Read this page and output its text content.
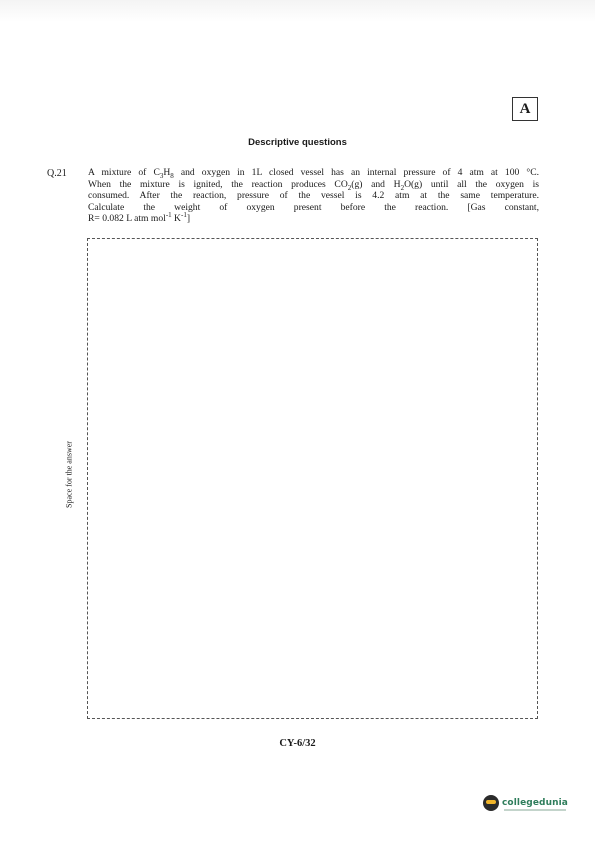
A
Descriptive questions
Q.21 A mixture of $C_3H_8$ and oxygen in 1L closed vessel has an internal pressure of 4 atm at 100 °C.
When the mixture is ignited, the reaction produces $CO_2(g)$ and $H_2O(g)$ until all the oxygen is
consumed. After the reaction, pressure of the vessel is 4.2 atm at the same temperature.
Calculate the weight of oxygen present before the reaction. [Gas constant,
R= 0.082 L atm mol$^{-1}$ $K^{-1}$]
Space for the answer
CY-6/32
collegedunia
